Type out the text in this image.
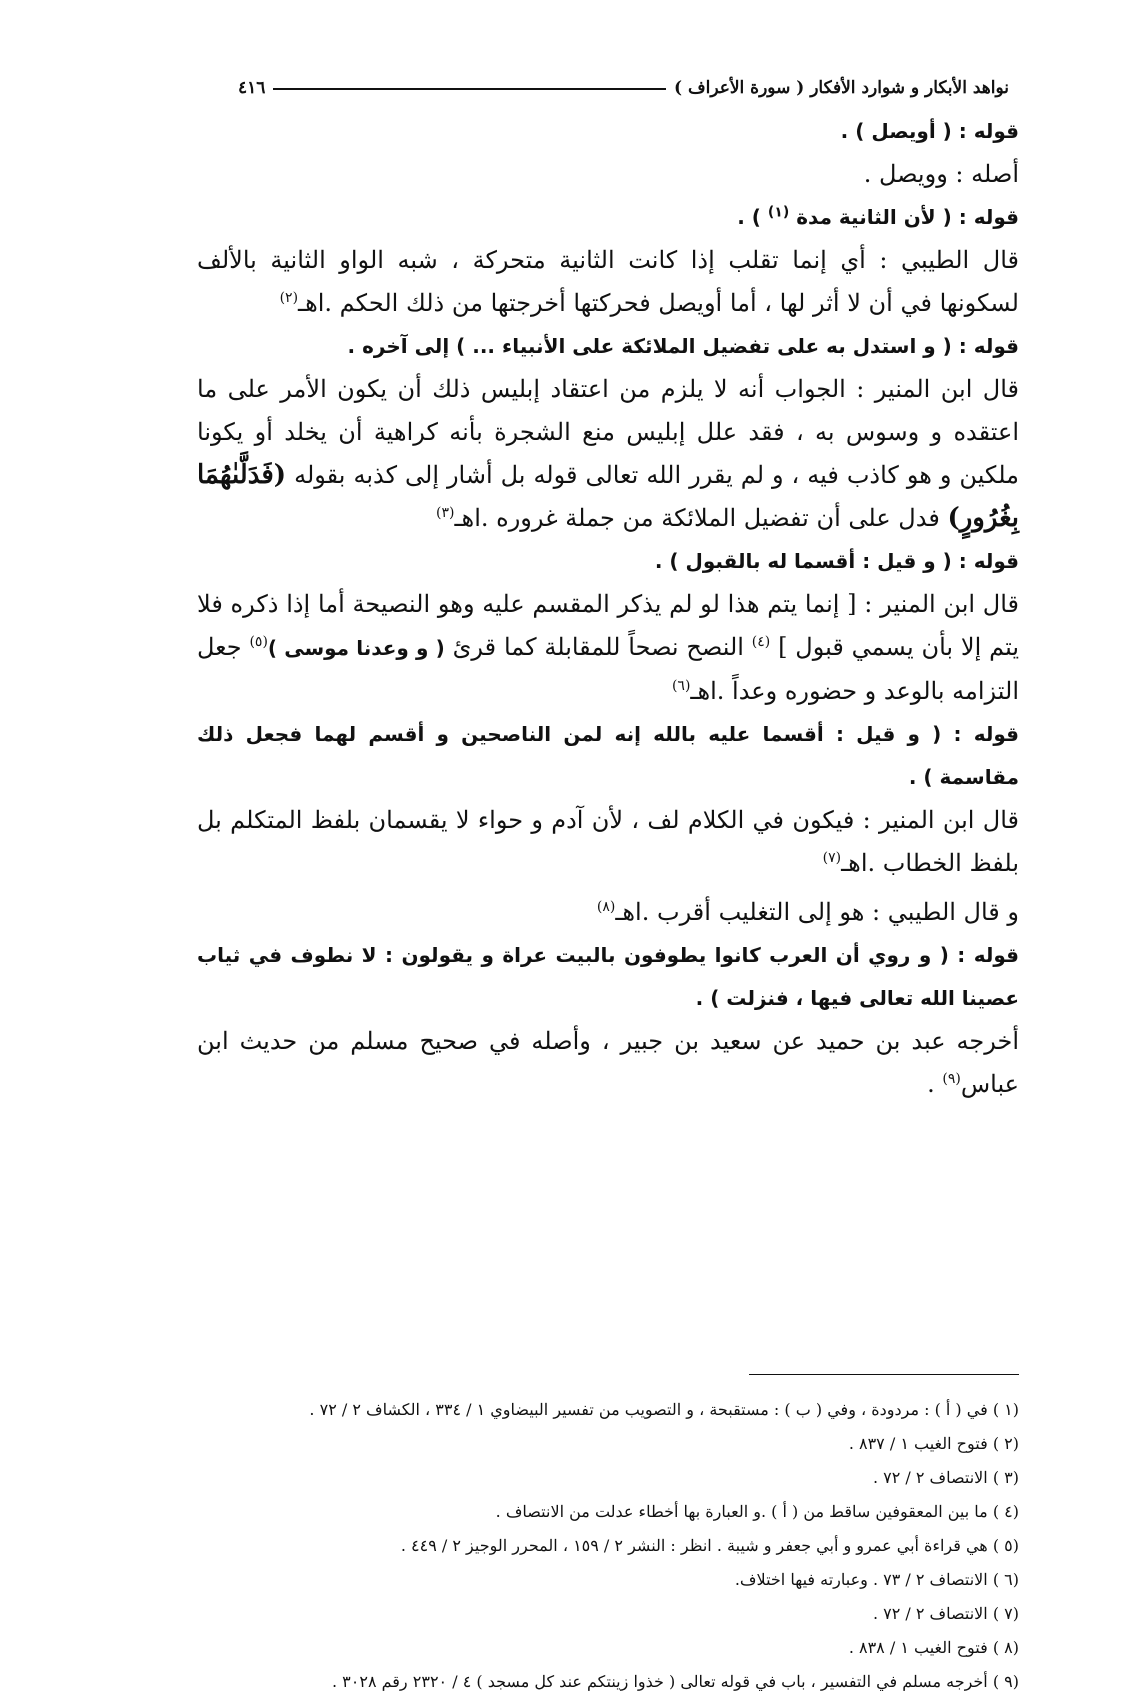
نواهد الأبكار و شوارد الأفكار ( سورة الأعراف )
٤١٦

قوله : ( أويصل ) .

أصله : وويصل .

قوله : ( لأن الثانية مدة $^{(١)}$ ) .

قال الطيبي : أي إنما تقلب إذا كانت الثانية متحركة ، شبه الواو الثانية بالألف لسكونها في أن لا أثر لها ، أما أويصل فحركتها أخرجتها من ذلك الحكم .اهـ$^{(٢)}$

قوله : ( و استدل به على تفضيل الملائكة على الأنبياء ... ) إلى آخره .

قال ابن المنير : الجواب أنه لا يلزم من اعتقاد إبليس ذلك أن يكون الأمر على ما اعتقده و وسوس به ، فقد علل إبليس منع الشجرة بأنه كراهية أن يخلد أو يكونا ملكين و هو كاذب فيه ، و لم يقرر الله تعالى قوله بل أشار إلى كذبه بقوله (فَدَلَّىٰهُمَا بِغُرُورٍ) فدل على أن تفضيل الملائكة من جملة غروره .اهـ$^{(٣)}$

قوله : ( و قيل : أقسما له بالقبول ) .

قال ابن المنير : [ إنما يتم هذا لو لم يذكر المقسم عليه وهو النصيحة أما إذا ذكره فلا يتم إلا بأن يسمي قبول ] $^{(٤)}$ النصح نصحاً للمقابلة كما قرئ ( و وعدنا موسى )$^{(٥)}$ جعل التزامه بالوعد و حضوره وعداً .اهـ$^{(٦)}$

قوله : ( و قيل : أقسما عليه بالله إنه لمن الناصحين و أقسم لهما فجعل ذلك مقاسمة ) .

قال ابن المنير : فيكون في الكلام لف ، لأن آدم و حواء لا يقسمان بلفظ المتكلم بل بلفظ الخطاب .اهـ$^{(٧)}$

و قال الطيبي : هو إلى التغليب أقرب .اهـ$^{(٨)}$

قوله : ( و روي أن العرب كانوا يطوفون بالبيت عراة و يقولون : لا نطوف في ثياب عصينا الله تعالى فيها ، فنزلت ) .

أخرجه عبد بن حميد عن سعيد بن جبير ، وأصله في صحيح مسلم من حديث ابن عباس$^{(٩)}$ .

(١ ) في ( أ ) : مردودة ، وفي ( ب ) : مستقبحة ، و التصويب من تفسير البيضاوي ١ / ٣٣٤ ، الكشاف ٢ / ٧٢ .

(٢ ) فتوح الغيب ١ / ٨٣٧ .

(٣ ) الانتصاف ٢ / ٧٢ .

(٤ ) ما بين المعقوفين ساقط من ( أ ) .و العبارة بها أخطاء عدلت من الانتصاف .

(٥ ) هي قراءة أبي عمرو و أبي جعفر و شيبة . انظر : النشر ٢ / ١٥٩ ، المحرر الوجيز ٢ / ٤٤٩ .

(٦ ) الانتصاف ٢ / ٧٣ . وعبارته فيها اختلاف.

(٧ ) الانتصاف ٢ / ٧٢ .

(٨ ) فتوح الغيب ١ / ٨٣٨ .

(٩ ) أخرجه مسلم في التفسير ، باب في قوله تعالى ( خذوا زينتكم عند كل مسجد ) ٤ / ٢٣٢٠ رقم ٣٠٢٨ .
